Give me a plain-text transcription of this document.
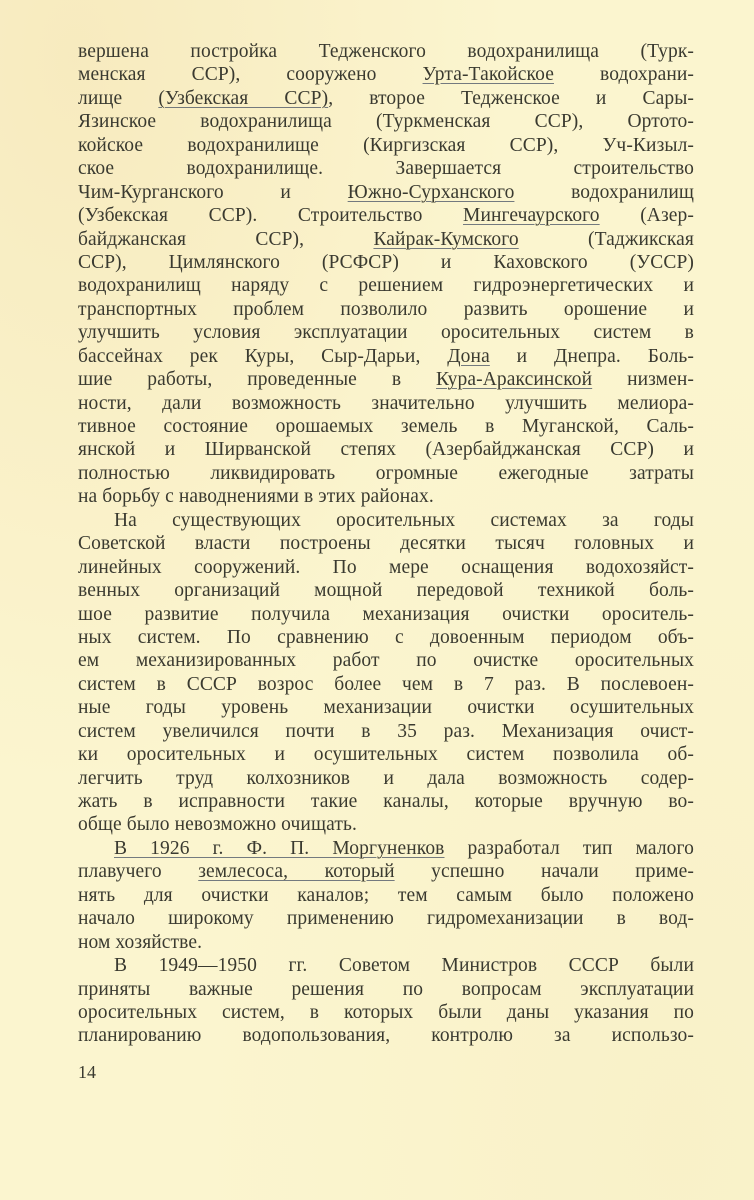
вершена постройка Теджeнского водохранилища (Турк-
менская ССР), сооружено Урта-Такойское водохрани-
лище (Узбекская ССР), второе Теджeнское и Сары-
Язинское водохранилища (Туркменская ССР), Ортото-
койское водохранилище (Киргизская ССР), Уч-Кизыл-
ское водохранилище. Завершается строительство
Чим-Курганского и Южно-Сурханского водохранилищ
(Узбекская ССР). Строительство Мингечаурского (Азер-
байджанская ССР), Кайрак-Кумского (Таджикская
ССР), Цимлянского (РСФСР) и Каховского (УССР)
водохранилищ наряду с решением гидроэнергетических и
транспортных проблем позволило развить орошение и
улучшить условия эксплуатации оросительных систем в
бассейнах рек Куры, Сыр-Дарьи, Дона и Днепра. Боль-
шие работы, проведенные в Кура-Араксинской низмен-
ности, дали возможность значительно улучшить мелиора-
тивное состояние орошаемых земель в Муганской, Саль-
янской и Ширванской степях (Азербайджанская ССР) и
полностью ликвидировать огромные ежегодные затраты
на борьбу с наводнениями в этих районах.
На существующих оросительных системах за годы
Советской власти построены десятки тысяч головных и
линейных сооружений. По мере оснащения водохозяйст-
венных организаций мощной передовой техникой боль-
шое развитие получила механизация очистки ороситель-
ных систем. По сравнению с довоенным периодом объ-
ем механизированных работ по очистке оросительных
систем в СССР возрос более чем в 7 раз. В послевоен-
ные годы уровень механизации очистки осушительных
систем увеличился почти в 35 раз. Механизация очист-
ки оросительных и осушительных систем позволила об-
легчить труд колхозников и дала возможность содер-
жать в исправности такие каналы, которые вручную во-
обще было невозможно очищать.
В 1926 г. Ф. П. Моргуненков разработал тип малого
плавучего землесоса, который успешно начали приме-
нять для очистки каналов; тем самым было положено
начало широкому применению гидромеханизации в вод-
ном хозяйстве.
В 1949—1950 гг. Советом Министров СССР были
приняты важные решения по вопросам эксплуатации
оросительных систем, в которых были даны указания по
планированию водопользования, контролю за использо-
14
